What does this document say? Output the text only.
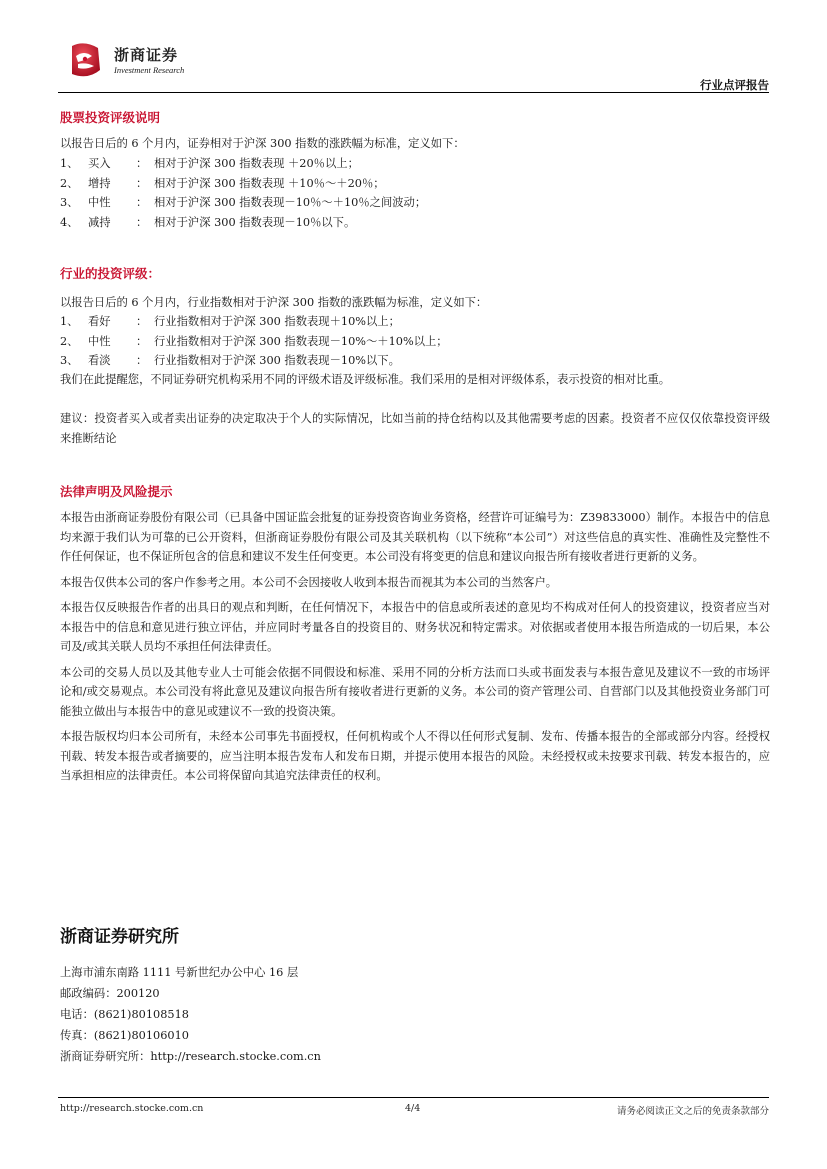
浙商证券
Investment Research
行业点评报告
股票投资评级说明

以报告日后的 6 个月内，证券相对于沪深 300 指数的涨跌幅为标准，定义如下：

1、 买入	： 相对于沪深 300 指数表现 ＋20％以上；
2、 增持	： 相对于沪深 300 指数表现 ＋10％～＋20％；
3、 中性	： 相对于沪深 300 指数表现－10％～＋10％之间波动；
4、 减持	： 相对于沪深 300 指数表现－10％以下。
行业的投资评级：

以报告日后的 6 个月内，行业指数相对于沪深 300 指数的涨跌幅为标准，定义如下：

1、 看好	： 行业指数相对于沪深 300 指数表现＋10%以上；
2、 中性	： 行业指数相对于沪深 300 指数表现－10%～＋10%以上；
3、 看淡	： 行业指数相对于沪深 300 指数表现－10%以下。

我们在此提醒您，不同证券研究机构采用不同的评级术语及评级标准。我们采用的是相对评级体系，表示投资的相对比重。

建议：投资者买入或者卖出证券的决定取决于个人的实际情况，比如当前的持仓结构以及其他需要考虑的因素。投资者不应仅仅依靠投资评级来推断结论

法律声明及风险提示

本报告由浙商证券股份有限公司（已具备中国证监会批复的证券投资咨询业务资格，经营许可证编号为：Z39833000）制作。本报告中的信息均来源于我们认为可靠的已公开资料，但浙商证券股份有限公司及其关联机构（以下统称“本公司”）对这些信息的真实性、准确性及完整性不作任何保证，也不保证所包含的信息和建议不发生任何变更。本公司没有将变更的信息和建议向报告所有接收者进行更新的义务。

本报告仅供本公司的客户作参考之用。本公司不会因接收人收到本报告而视其为本公司的当然客户。

本报告仅反映报告作者的出具日的观点和判断，在任何情况下，本报告中的信息或所表述的意见均不构成对任何人的投资建议，投资者应当对本报告中的信息和意见进行独立评估，并应同时考量各自的投资目的、财务状况和特定需求。对依据或者使用本报告所造成的一切后果，本公司及/或其关联人员均不承担任何法律责任。

本公司的交易人员以及其他专业人士可能会依据不同假设和标准、采用不同的分析方法而口头或书面发表与本报告意见及建议不一致的市场评论和/或交易观点。本公司没有将此意见及建议向报告所有接收者进行更新的义务。本公司的资产管理公司、自营部门以及其他投资业务部门可能独立做出与本报告中的意见或建议不一致的投资决策。

本报告版权均归本公司所有，未经本公司事先书面授权，任何机构或个人不得以任何形式复制、发布、传播本报告的全部或部分内容。经授权刊载、转发本报告或者摘要的，应当注明本报告发布人和发布日期，并提示使用本报告的风险。未经授权或未按要求刊载、转发本报告的，应当承担相应的法律责任。本公司将保留向其追究法律责任的权利。

浙商证券研究所
上海市浦东南路 1111 号新世纪办公中心 16 层
邮政编码：200120
电话：(8621)80108518
传真：(8621)80106010
浙商证券研究所：http://research.stocke.com.cn
http://research.stocke.com.cn	4/4	请务必阅读正文之后的免责条款部分
